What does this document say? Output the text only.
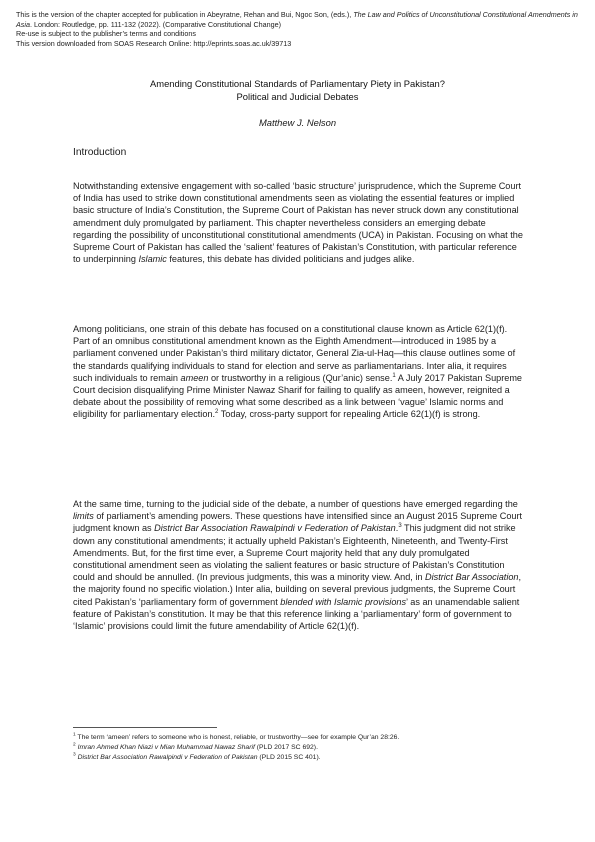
This is the version of the chapter accepted for publication in Abeyratne, Rehan and Bui, Ngoc Son, (eds.), The Law and Politics of Unconstitutional Constitutional Amendments in Asia. London: Routledge, pp. 111-132 (2022). (Comparative Constitutional Change)
Re-use is subject to the publisher’s terms and conditions
This version downloaded from SOAS Research Online: http://eprints.soas.ac.uk/39713
Amending Constitutional Standards of Parliamentary Piety in Pakistan?
Political and Judicial Debates
Matthew J. Nelson
Introduction
Notwithstanding extensive engagement with so-called ‘basic structure’ jurisprudence, which the Supreme Court of India has used to strike down constitutional amendments seen as violating the essential features or implied basic structure of India’s Constitution, the Supreme Court of Pakistan has never struck down any constitutional amendment duly promulgated by parliament. This chapter nevertheless considers an emerging debate regarding the possibility of unconstitutional constitutional amendments (UCA) in Pakistan. Focusing on what the Supreme Court of Pakistan has called the ‘salient’ features of Pakistan’s Constitution, with particular reference to underpinning Islamic features, this debate has divided politicians and judges alike.
Among politicians, one strain of this debate has focused on a constitutional clause known as Article 62(1)(f). Part of an omnibus constitutional amendment known as the Eighth Amendment—introduced in 1985 by a parliament convened under Pakistan’s third military dictator, General Zia-ul-Haq—this clause outlines some of the standards qualifying individuals to stand for election and serve as parliamentarians. Inter alia, it requires such individuals to remain ameen or trustworthy in a religious (Qur’anic) sense.$^1$ A July 2017 Pakistan Supreme Court decision disqualifying Prime Minister Nawaz Sharif for failing to qualify as ameen, however, reignited a debate about the possibility of removing what some described as a link between ‘vague’ Islamic norms and eligibility for parliamentary election.$^2$ Today, cross-party support for repealing Article 62(1)(f) is strong.
At the same time, turning to the judicial side of the debate, a number of questions have emerged regarding the limits of parliament’s amending powers. These questions have intensified since an August 2015 Supreme Court judgment known as District Bar Association Rawalpindi v Federation of Pakistan.$^3$ This judgment did not strike down any constitutional amendments; it actually upheld Pakistan’s Eighteenth, Nineteenth, and Twenty-First Amendments. But, for the first time ever, a Supreme Court majority held that any duly promulgated constitutional amendment seen as violating the salient features or basic structure of Pakistan’s Constitution could and should be annulled. (In previous judgments, this was a minority view. And, in District Bar Association, the majority found no specific violation.) Inter alia, building on several previous judgments, the Supreme Court cited Pakistan’s ‘parliamentary form of government blended with Islamic provisions’ as an unamendable salient feature of Pakistan’s constitution. It may be that this reference linking a ‘parliamentary’ form of government to ‘Islamic’ provisions could limit the future amendability of Article 62(1)(f).
$^1$ The term ‘ameen’ refers to someone who is honest, reliable, or trustworthy—see for example Qur’an 28:26.
$^2$ Imran Ahmed Khan Niazi v Mian Muhammad Nawaz Sharif (PLD 2017 SC 692).
$^3$ District Bar Association Rawalpindi v Federation of Pakistan (PLD 2015 SC 401).
